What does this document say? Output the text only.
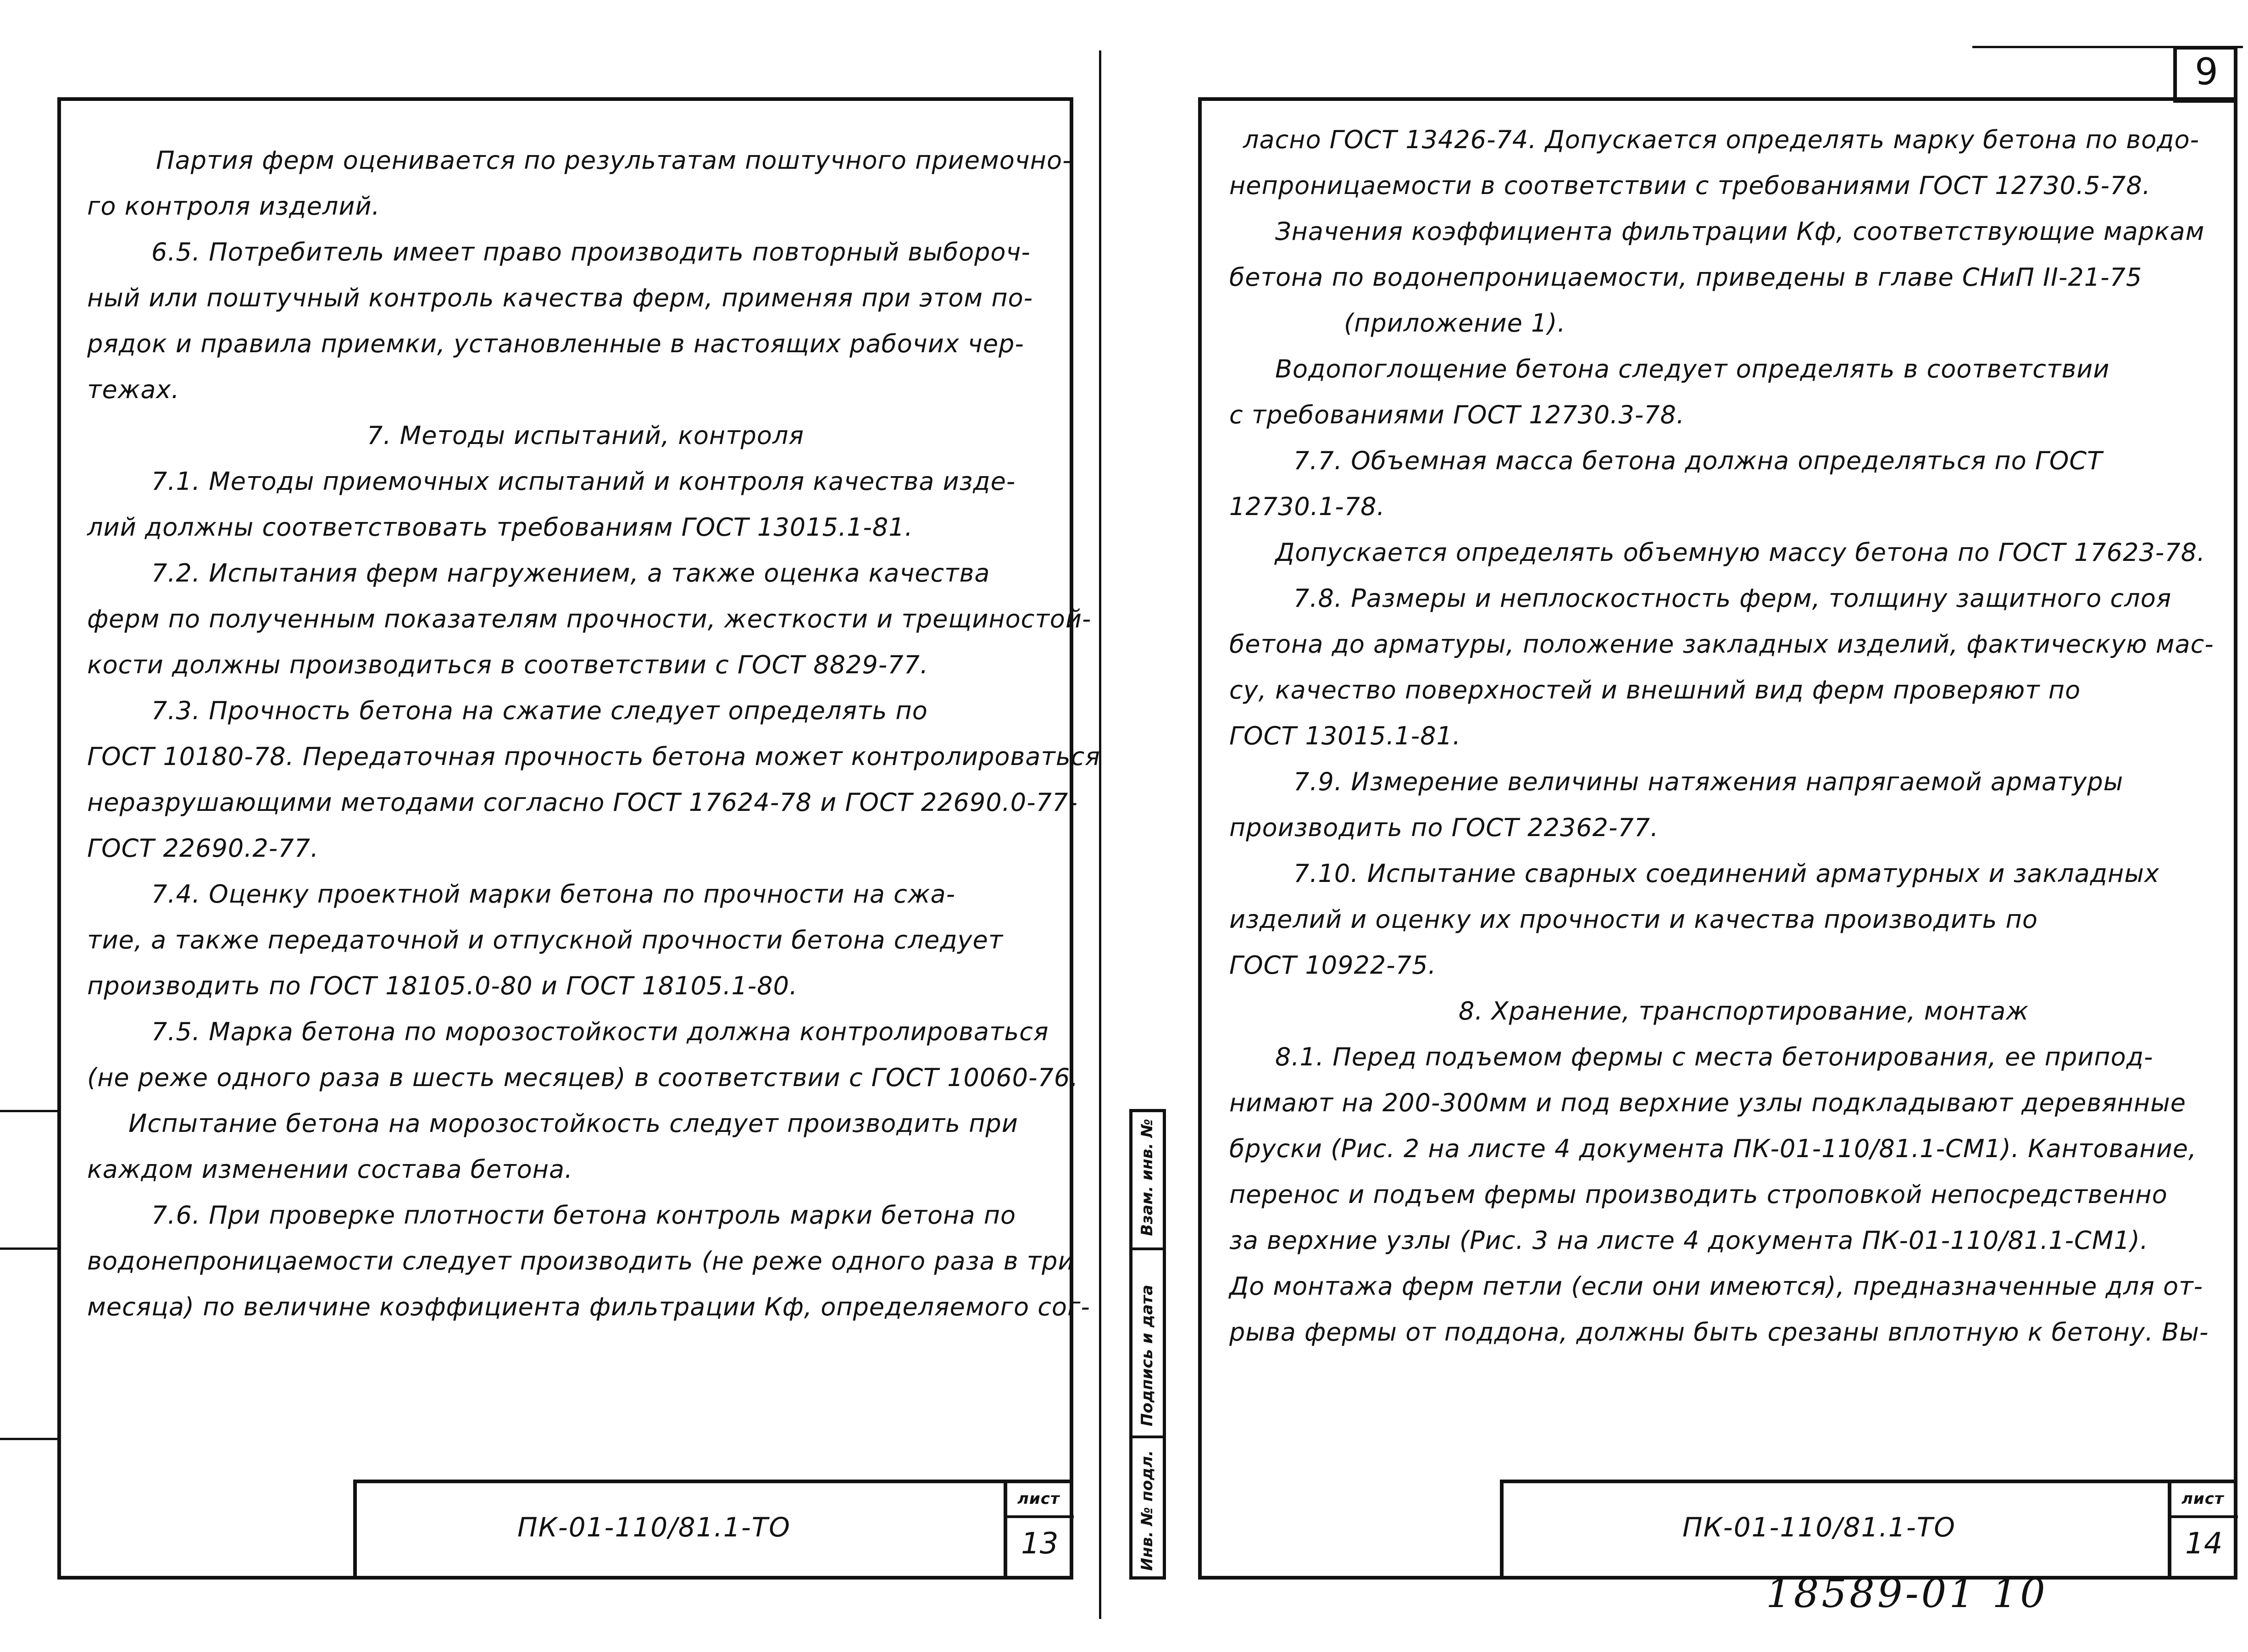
Партия ферм оценивается по результатам поштучного приемочно-

го контроля изделий.

6.5. Потребитель имеет право производить повторный выбороч-

ный или поштучный контроль качества ферм, применяя при этом по-

рядок и правила приемки, установленные в настоящих рабочих чер-

тежах.

7. Методы испытаний, контроля

7.1. Методы приемочных испытаний и контроля качества изде-

лий должны соответствовать требованиям ГОСТ 13015.1-81.

7.2. Испытания ферм нагружением, а также оценка качества

ферм по полученным показателям прочности, жесткости и трещиностой-

кости должны производиться в соответствии с ГОСТ 8829-77.

7.3. Прочность бетона на сжатие следует определять по

ГОСТ 10180-78. Передаточная прочность бетона может контролироваться

неразрушающими методами согласно ГОСТ 17624-78 и ГОСТ 22690.0-77-

ГОСТ 22690.2-77.

7.4. Оценку проектной марки бетона по прочности на сжа-

тие, а также передаточной и отпускной прочности бетона следует

производить по ГОСТ 18105.0-80 и ГОСТ 18105.1-80.

7.5. Марка бетона по морозостойкости должна контролироваться

(не реже одного раза в шесть месяцев) в соответствии с ГОСТ 10060-76.

Испытание бетона на морозостойкость следует производить при

каждом изменении состава бетона.

7.6. При проверке плотности бетона контроль марки бетона по

водонепроницаемости следует производить (не реже одного раза в три

месяца) по величине коэффициента фильтрации Кф, определяемого сог-

ПК-01-110/81.1-ТО
лист
13
Взам. инв. №
Подпись и дата
Инв. № подл.
9

ласно ГОСТ 13426-74. Допускается определять марку бетона по водо-

непроницаемости в соответствии с требованиями ГОСТ 12730.5-78.

Значения коэффициента фильтрации Кф, соответствующие маркам

бетона по водонепроницаемости, приведены в главе СНиП II-21-75

(приложение 1).

Водопоглощение бетона следует определять в соответствии

с требованиями ГОСТ 12730.3-78.

7.7. Объемная масса бетона должна определяться по ГОСТ

12730.1-78.

Допускается определять объемную массу бетона по ГОСТ 17623-78.

7.8. Размеры и неплоскостность ферм, толщину защитного слоя

бетона до арматуры, положение закладных изделий, фактическую мас-

су, качество поверхностей и внешний вид ферм проверяют по

ГОСТ 13015.1-81.

7.9. Измерение величины натяжения напрягаемой арматуры

производить по ГОСТ 22362-77.

7.10. Испытание сварных соединений арматурных и закладных

изделий и оценку их прочности и качества производить по

ГОСТ 10922-75.

8. Хранение, транспортирование, монтаж

8.1. Перед подъемом фермы с места бетонирования, ее припод-

нимают на 200-300мм и под верхние узлы подкладывают деревянные

бруски (Рис. 2 на листе 4 документа ПК-01-110/81.1-СМ1). Кантование,

перенос и подъем фермы производить строповкой непосредственно

за верхние узлы (Рис. 3 на листе 4 документа ПК-01-110/81.1-СМ1).

До монтажа ферм петли (если они имеются), предназначенные для от-

рыва фермы от поддона, должны быть срезаны вплотную к бетону. Вы-

ПК-01-110/81.1-ТО
лист
14
18589-01 10
